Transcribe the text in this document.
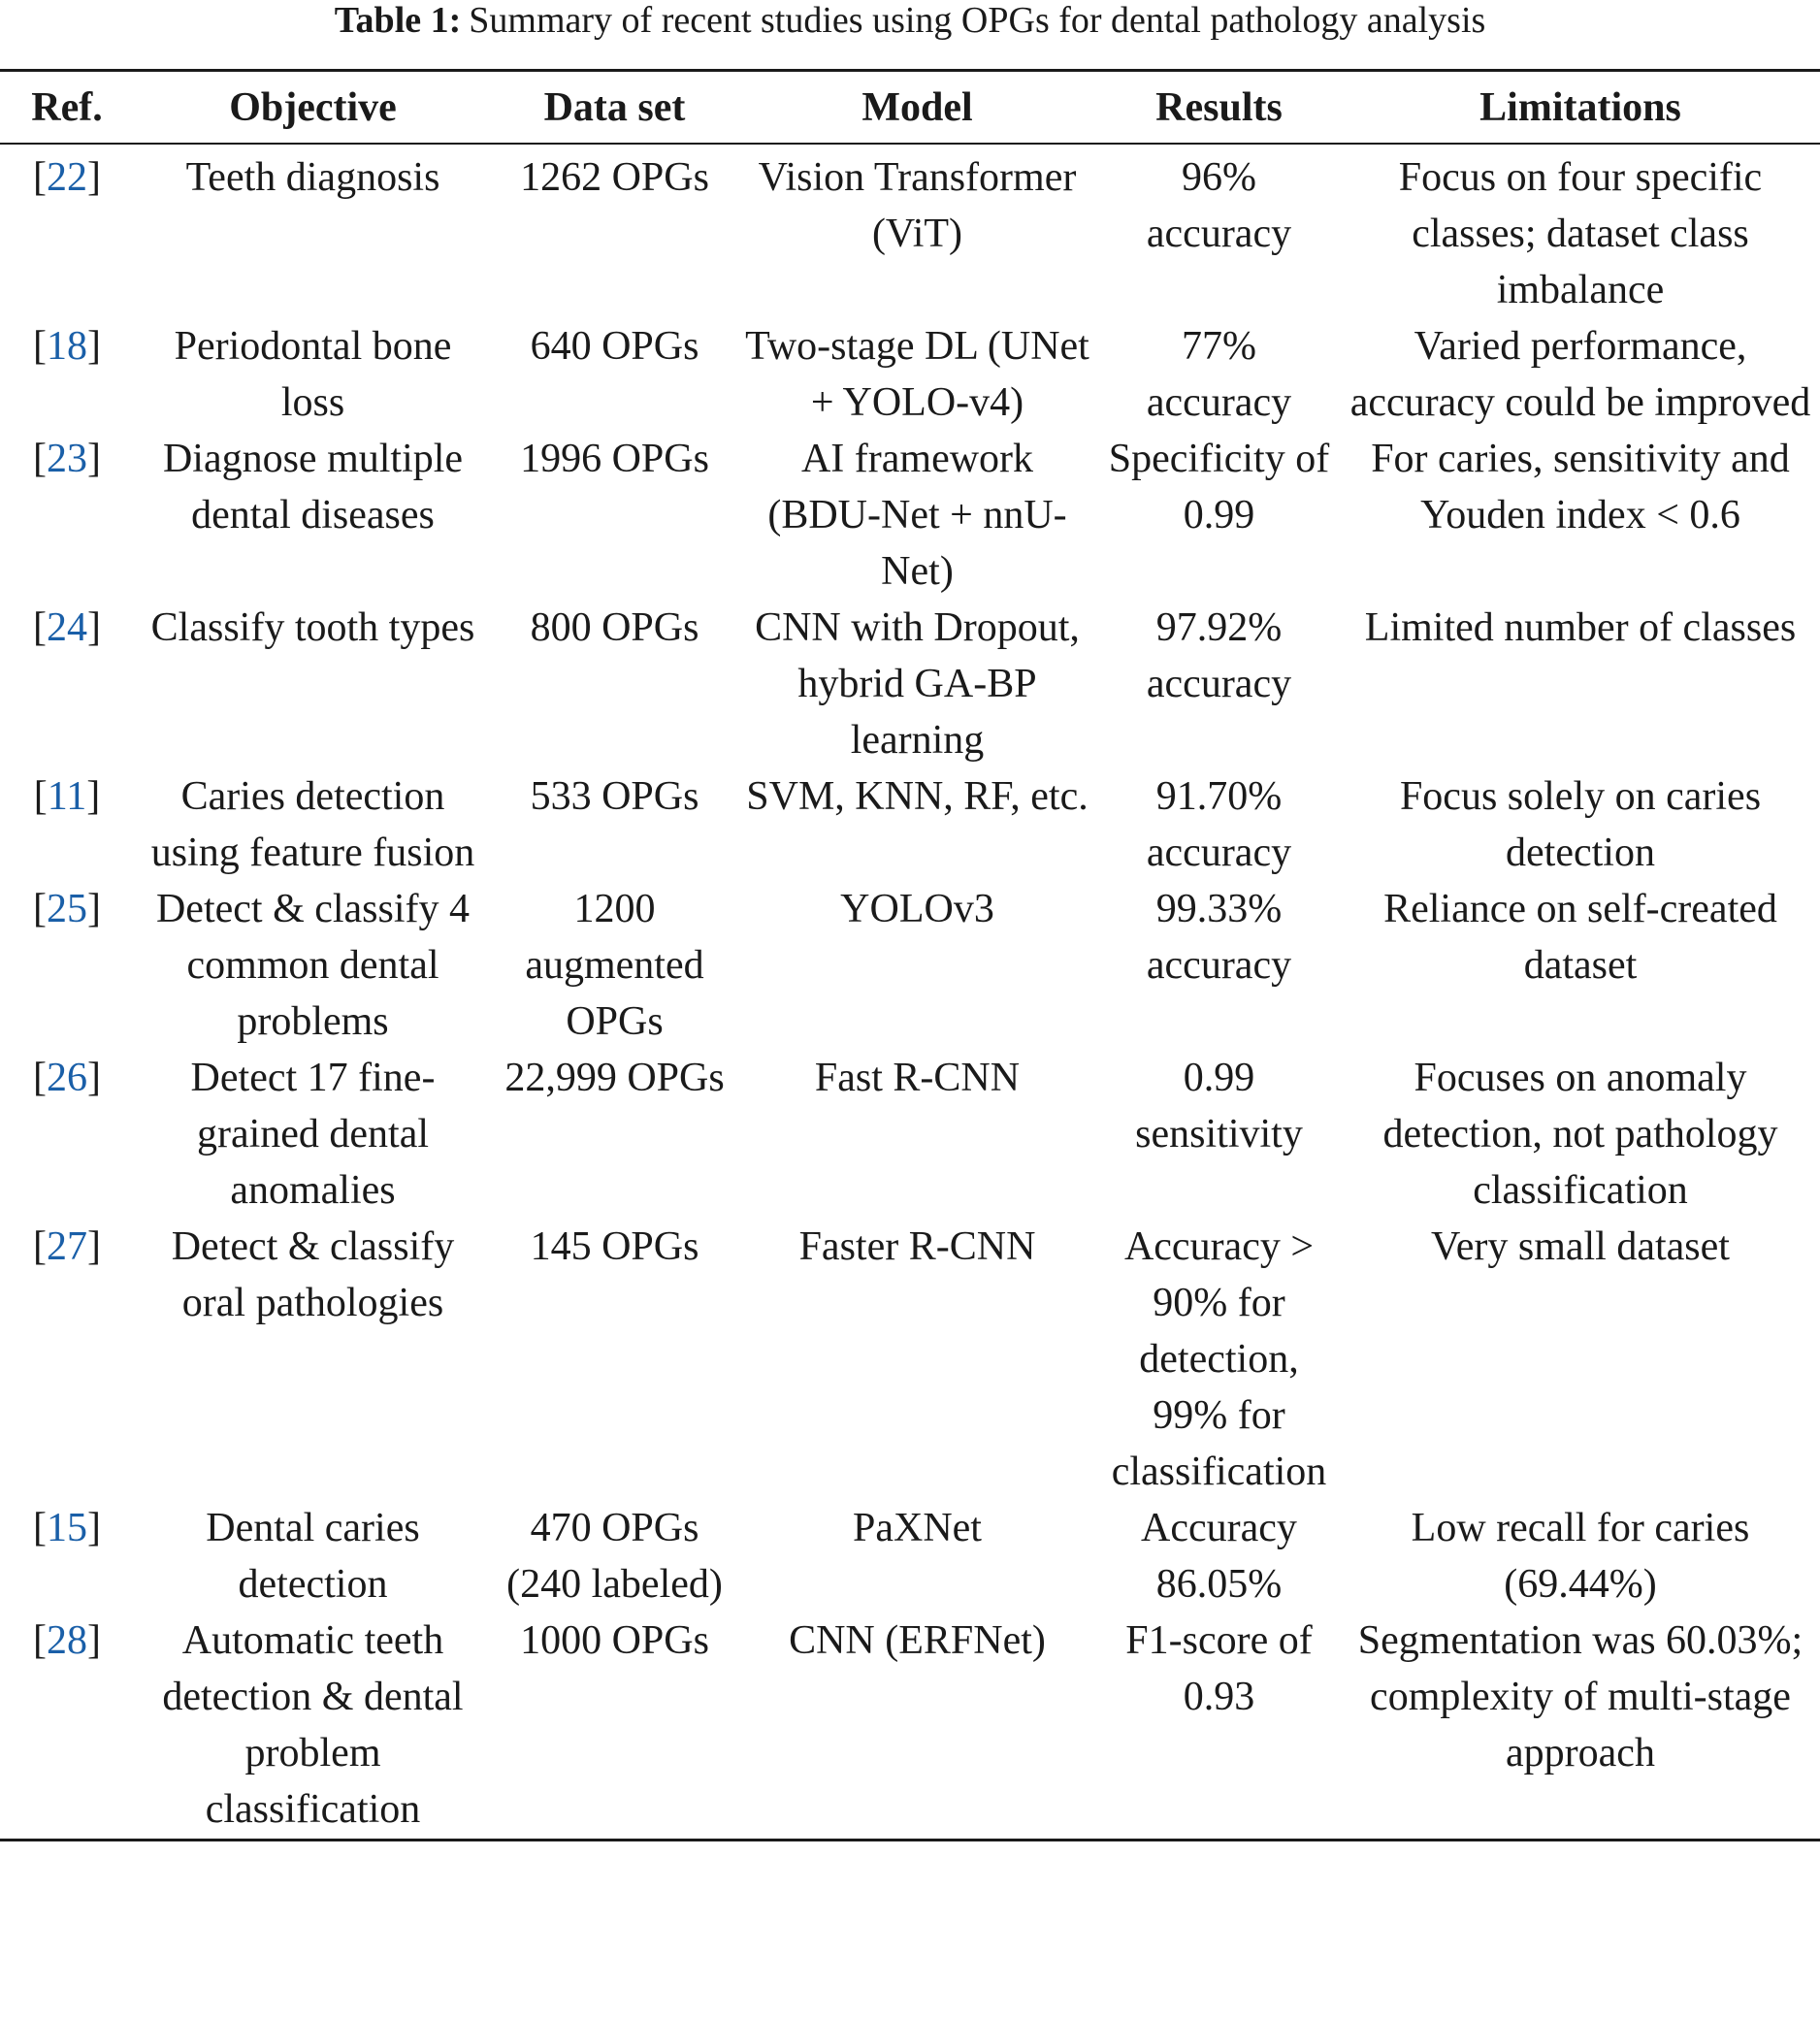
Table 1: Summary of recent studies using OPGs for dental pathology analysis
Ref.	Objective	Data set	Model	Results	Limitations
[22]	Teeth diagnosis	1262 OPGs	Vision Transformer (ViT)	96% accuracy	Focus on four specific classes; dataset class imbalance
[18]	Periodontal bone loss	640 OPGs	Two-stage DL (UNet + YOLO-v4)	77% accuracy	Varied performance, accuracy could be improved
[23]	Diagnose multiple dental diseases	1996 OPGs	AI framework (BDU-Net + nnU-Net)	Specificity of 0.99	For caries, sensitivity and Youden index < 0.6
[24]	Classify tooth types	800 OPGs	CNN with Dropout, hybrid GA-BP learning	97.92% accuracy	Limited number of classes
[11]	Caries detection using feature fusion	533 OPGs	SVM, KNN, RF, etc.	91.70% accuracy	Focus solely on caries detection
[25]	Detect & classify 4 common dental problems	1200 augmented OPGs	YOLOv3	99.33% accuracy	Reliance on self-created dataset
[26]	Detect 17 fine-grained dental anomalies	22,999 OPGs	Fast R-CNN	0.99 sensitivity	Focuses on anomaly detection, not pathology classification
[27]	Detect & classify oral pathologies	145 OPGs	Faster R-CNN	Accuracy > 90% for detection, 99% for classification	Very small dataset
[15]	Dental caries detection	470 OPGs (240 labeled)	PaXNet	Accuracy 86.05%	Low recall for caries (69.44%)
[28]	Automatic teeth detection & dental problem classification	1000 OPGs	CNN (ERFNet)	F1-score of 0.93	Segmentation was 60.03%; complexity of multi-stage approach
